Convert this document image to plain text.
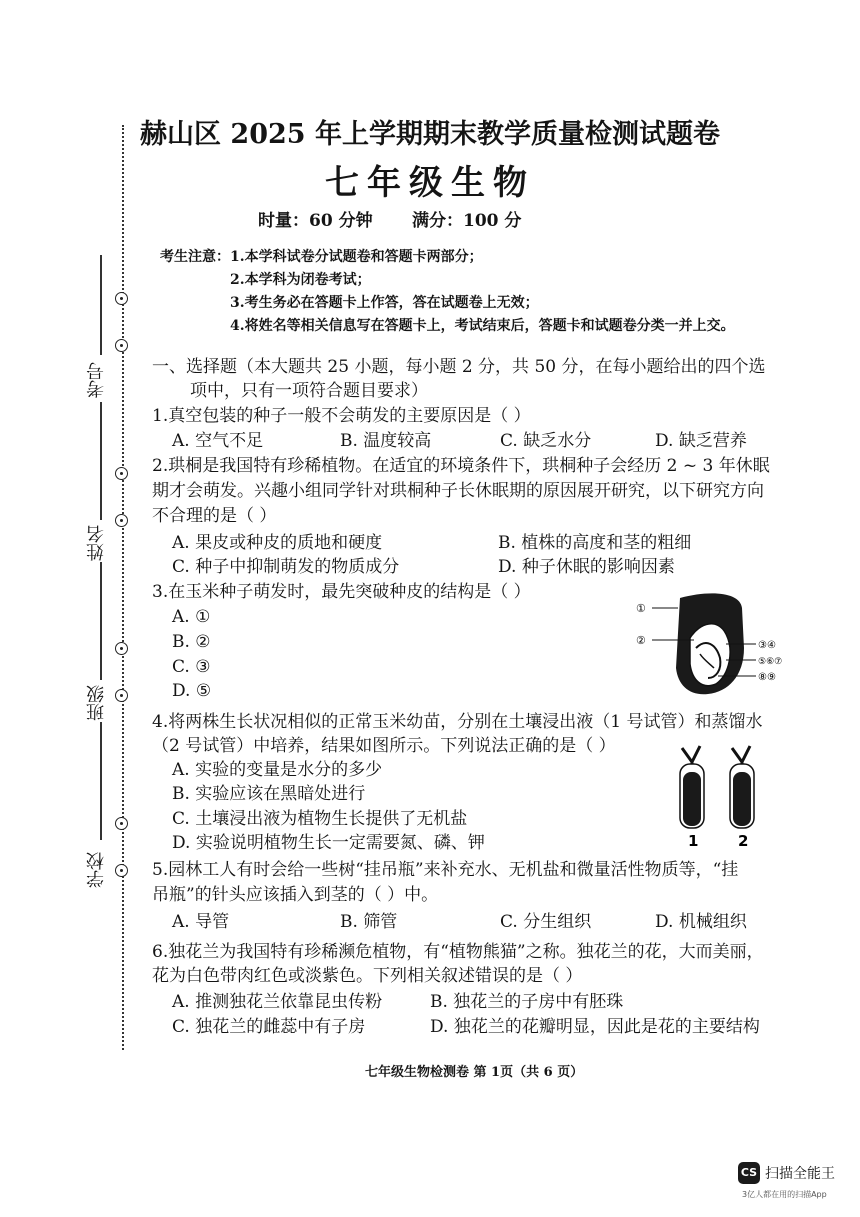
考号
姓名
班级
学校
赫山区 2025 年上学期期末教学质量检测试题卷
七年级生物
时量：60 分钟 满分：100 分
考生注意： 1.本学科试卷分试题卷和答题卡两部分；
2.本学科为闭卷考试；
3.考生务必在答题卡上作答，答在试题卷上无效；
4.将姓名等相关信息写在答题卡上，考试结束后，答题卡和试题卷分类一并上交。
一、选择题（本大题共 25 小题，每小题 2 分，共 50 分，在每小题给出的四个选
项中，只有一项符合题目要求）
1.真空包装的种子一般不会萌发的主要原因是（ ）
A. 空气不足	B. 温度较高	C. 缺乏水分	D. 缺乏营养
2.珙桐是我国特有珍稀植物。在适宜的环境条件下，珙桐种子会经历 2 ~ 3 年休眠
期才会萌发。兴趣小组同学针对珙桐种子长休眠期的原因展开研究，以下研究方向
不合理的是（ ）
A. 果皮或种皮的质地和硬度	B. 植株的高度和茎的粗细
C. 种子中抑制萌发的物质成分	D. 种子休眠的影响因素
3.在玉米种子萌发时，最先突破种皮的结构是（ ）
A. ①
B. ②
C. ③
D. ⑤
①
②	③④
⑤⑥⑦
⑧⑨
4.将两株生长状况相似的正常玉米幼苗，分别在土壤浸出液（1 号试管）和蒸馏水
（2 号试管）中培养，结果如图所示。下列说法正确的是（ ）
A. 实验的变量是水分的多少
B. 实验应该在黑暗处进行
C. 土壤浸出液为植物生长提供了无机盐
D. 实验说明植物生长一定需要氮、磷、钾	1	2
5.园林工人有时会给一些树“挂吊瓶”来补充水、无机盐和微量活性物质等，“挂
吊瓶”的针头应该插入到茎的（ ）中。
A. 导管	B. 筛管	C. 分生组织	D. 机械组织
6.独花兰为我国特有珍稀濒危植物，有“植物熊猫”之称。独花兰的花，大而美丽，
花为白色带肉红色或淡紫色。下列相关叙述错误的是（ ）
A. 推测独花兰依靠昆虫传粉	B. 独花兰的子房中有胚珠
C. 独花兰的雌蕊中有子房	D. 独花兰的花瓣明显，因此是花的主要结构
七年级生物检测卷 第 1页（共 6 页）
CS 扫描全能王
3亿人都在用的扫描App
